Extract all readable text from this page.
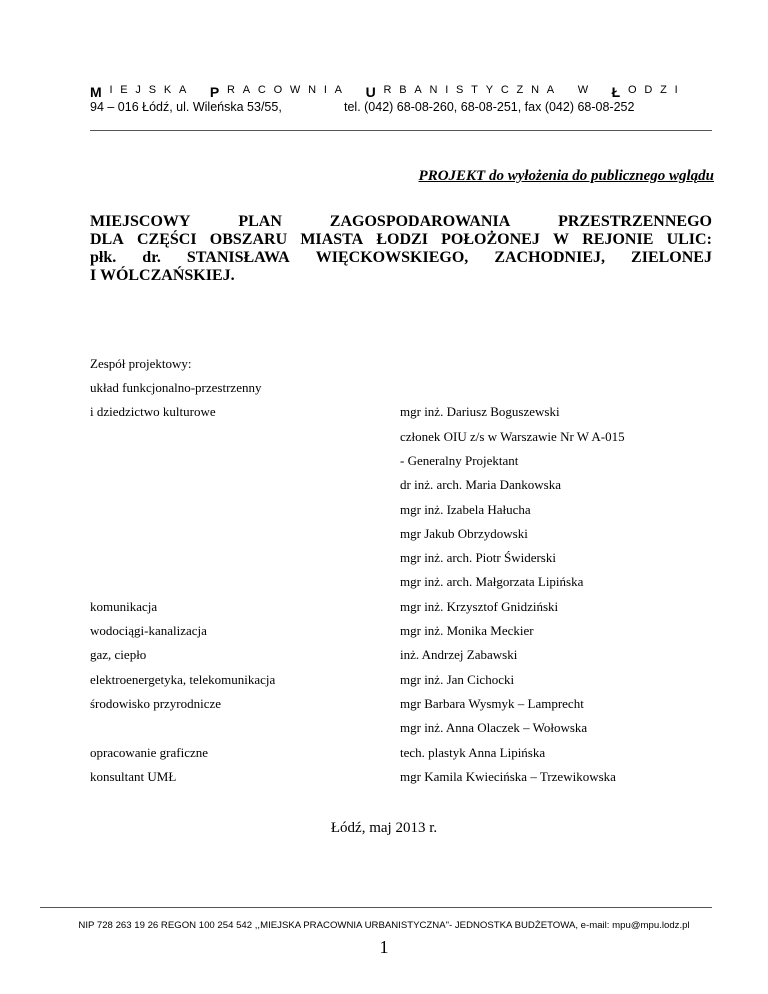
M I E J S K A P R A C O W N I A U R B A N I S T Y C Z N A W Ł O D Z I
94 – 016 Łódź, ul. Wileńska 53/55,	tel. (042) 68-08-260, 68-08-251, fax (042) 68-08-252
PROJEKT do wyłożenia do publicznego wglądu
MIEJSCOWY	PLAN	ZAGOSPODAROWANIA	PRZESTRZENNEGO
DLA CZĘŚCI OBSZARU MIASTA ŁODZI POŁOŻONEJ W REJONIE ULIC:
płk. dr. STANISŁAWA WIĘCKOWSKIEGO, ZACHODNIEJ, ZIELONEJ
I WÓLCZAŃSKIEJ.
Zespół projektowy:
układ funkcjonalno-przestrzenny
i dziedzictwo kulturowe	mgr inż. Dariusz Boguszewski
członek OIU z/s w Warszawie Nr W A-015
- Generalny Projektant
dr inż. arch. Maria Dankowska
mgr inż. Izabela Hałucha
mgr Jakub Obrzydowski
mgr inż. arch. Piotr Świderski
mgr inż. arch. Małgorzata Lipińska
komunikacja	mgr inż. Krzysztof Gnidziński
wodociągi-kanalizacja	mgr inż. Monika Meckier
gaz, ciepło	inż. Andrzej Zabawski
elektroenergetyka, telekomunikacja	mgr inż. Jan Cichocki
środowisko przyrodnicze	mgr Barbara Wysmyk – Lamprecht
mgr inż. Anna Olaczek – Wołowska
opracowanie graficzne	tech. plastyk Anna Lipińska
konsultant UMŁ	mgr Kamila Kwiecińska – Trzewikowska
Łódź, maj 2013 r.
NIP 728 263 19 26 REGON 100 254 542 ,,MIEJSKA PRACOWNIA URBANISTYCZNA"- JEDNOSTKA BUDŻETOWA, e-mail: mpu@mpu.lodz.pl
1
